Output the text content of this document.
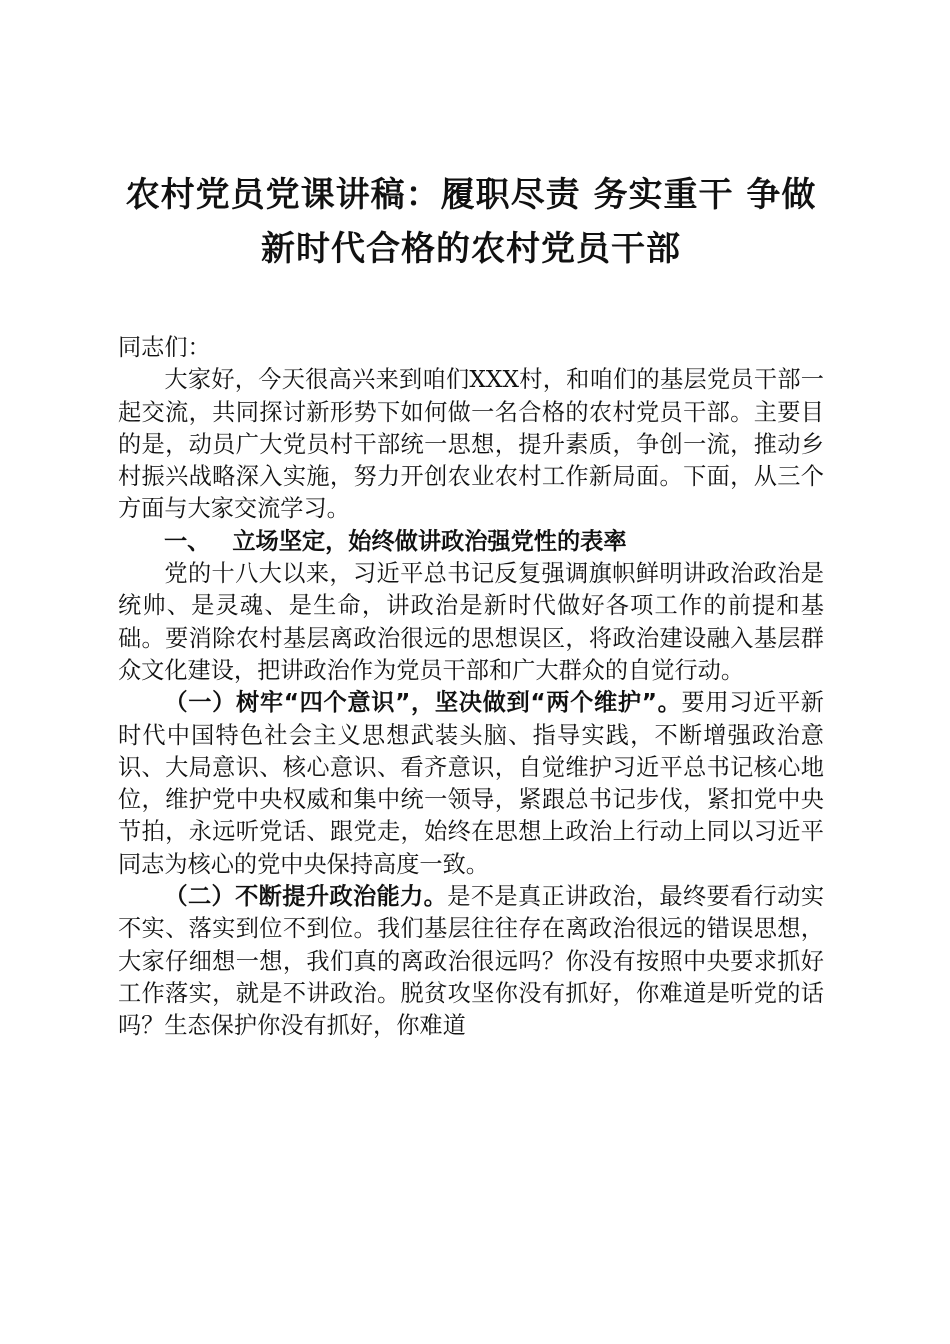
农村党员党课讲稿：履职尽责 务实重干 争做
新时代合格的农村党员干部

同志们：

大家好，今天很高兴来到咱们XXX村，和咱们的基层党员干部一起交流，共同探讨新形势下如何做一名合格的农村党员干部。主要目的是，动员广大党员村干部统一思想，提升素质，争创一流，推动乡村振兴战略深入实施，努力开创农业农村工作新局面。下面，从三个方面与大家交流学习。

一、 立场坚定，始终做讲政治强党性的表率

党的十八大以来，习近平总书记反复强调旗帜鲜明讲政治政治是统帅、是灵魂、是生命，讲政治是新时代做好各项工作的前提和基础。要消除农村基层离政治很远的思想误区，将政治建设融入基层群众文化建设，把讲政治作为党员干部和广大群众的自觉行动。

（一）树牢“四个意识”，坚决做到“两个维护”。要用习近平新时代中国特色社会主义思想武装头脑、指导实践，不断增强政治意识、大局意识、核心意识、看齐意识，自觉维护习近平总书记核心地位，维护党中央权威和集中统一领导，紧跟总书记步伐，紧扣党中央节拍，永远听党话、跟党走，始终在思想上政治上行动上同以习近平同志为核心的党中央保持高度一致。

（二）不断提升政治能力。是不是真正讲政治，最终要看行动实不实、落实到位不到位。我们基层往往存在离政治很远的错误思想，大家仔细想一想，我们真的离政治很远吗？你没有按照中央要求抓好工作落实，就是不讲政治。脱贫攻坚你没有抓好，你难道是听党的话吗？生态保护你没有抓好，你难道
